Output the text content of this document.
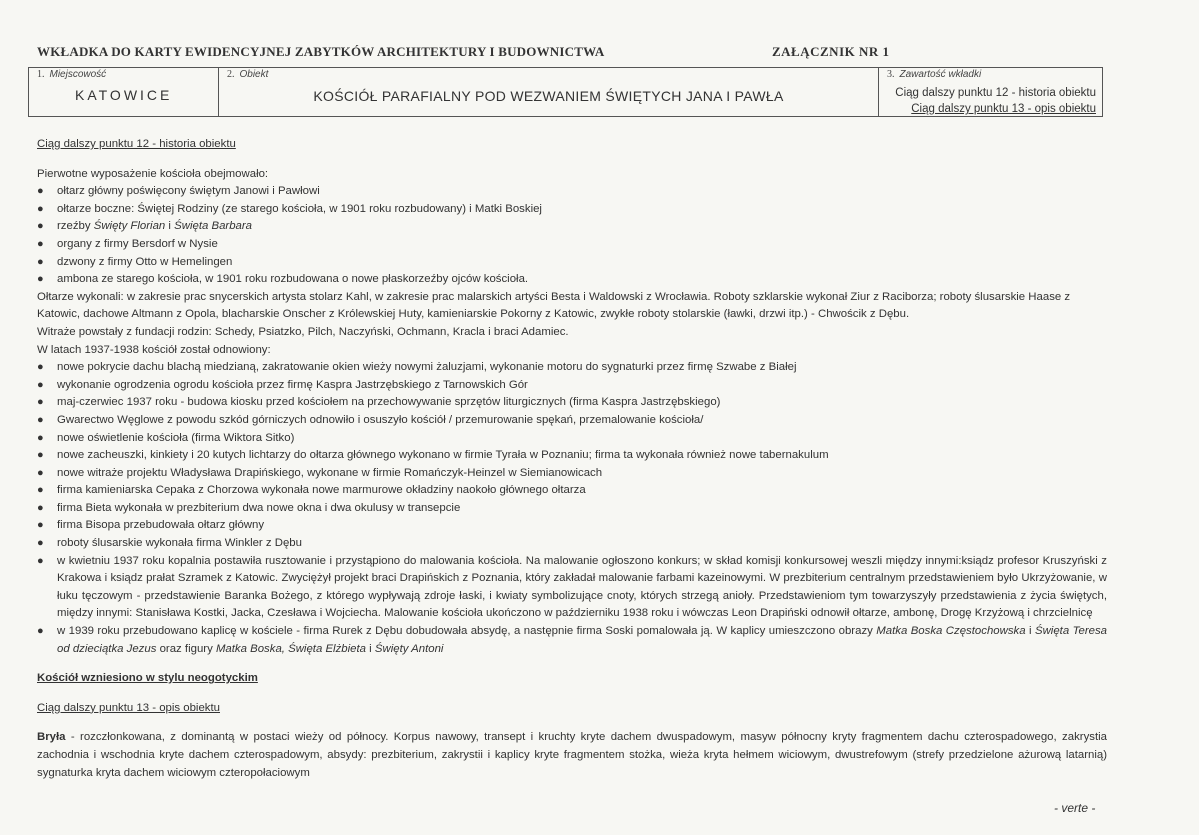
WKŁADKA DO KARTY EWIDENCYJNEJ ZABYTKÓW ARCHITEKTURY I BUDOWNICTWA	ZAŁĄCZNIK NR 1
1. Miejscowość
KATOWICE
2. Obiekt
KOŚCIÓŁ PARAFIALNY POD WEZWANIEM ŚWIĘTYCH JANA I PAWŁA
3. Zawartość wkładki
Ciąg dalszy punktu 12 - historia obiektu
Ciąg dalszy punktu 13 - opis obiektu

Ciąg dalszy punktu 12 - historia obiektu

Pierwotne wyposażenie kościoła obejmowało:

● ołtarz główny poświęcony świętym Janowi i Pawłowi
● ołtarze boczne: Świętej Rodziny (ze starego kościoła, w 1901 roku rozbudowany) i Matki Boskiej
● rzeźby Święty Florian i Święta Barbara
● organy z firmy Bersdorf w Nysie
● dzwony z firmy Otto w Hemelingen
● ambona ze starego kościoła, w 1901 roku rozbudowana o nowe płaskorzeźby ojców kościoła.

Ołtarze wykonali: w zakresie prac snycerskich artysta stolarz Kahl, w zakresie prac malarskich artyści Besta i Waldowski z Wrocławia. Roboty szklarskie wykonał Ziur z Raciborza; roboty ślusarskie Haase z Katowic, dachowe Altmann z Opola, blacharskie Onscher z Królewskiej Huty, kamieniarskie Pokorny z Katowic, zwykłe roboty stolarskie (ławki, drzwi itp.) - Chwościk z Dębu.

Witraże powstały z fundacji rodzin: Schedy, Psiatzko, Pilch, Naczyński, Ochmann, Kracla i braci Adamiec.

W latach 1937-1938 kościół został odnowiony:

● nowe pokrycie dachu blachą miedzianą, zakratowanie okien wieży nowymi żaluzjami, wykonanie motoru do sygnaturki przez firmę Szwabe z Białej
● wykonanie ogrodzenia ogrodu kościoła przez firmę Kaspra Jastrzębskiego z Tarnowskich Gór
● maj-czerwiec 1937 roku - budowa kiosku przed kościołem na przechowywanie sprzętów liturgicznych (firma Kaspra Jastrzębskiego)
● Gwarectwo Węglowe z powodu szkód górniczych odnowiło i osuszyło kościół / przemurowanie spękań, przemalowanie kościoła/
● nowe oświetlenie kościoła (firma Wiktora Sitko)
● nowe zacheuszki, kinkiety i 20 kutych lichtarzy do ołtarza głównego wykonano w firmie Tyrała w Poznaniu; firma ta wykonała również nowe tabernakulum
● nowe witraże projektu Władysława Drapińskiego, wykonane w firmie Romańczyk-Heinzel w Siemianowicach
● firma kamieniarska Cepaka z Chorzowa wykonała nowe marmurowe okładziny naokoło głównego ołtarza
● firma Bieta wykonała w prezbiterium dwa nowe okna i dwa okulusy w transepcie
● firma Bisopa przebudowała ołtarz główny
● roboty ślusarskie wykonała firma Winkler z Dębu
● w kwietniu 1937 roku kopalnia postawiła rusztowanie i przystąpiono do malowania kościoła. Na malowanie ogłoszono konkurs; w skład komisji konkursowej weszli między innymi:ksiądz profesor Kruszyński z Krakowa i ksiądz prałat Szramek z Katowic. Zwyciężył projekt braci Drapińskich z Poznania, który zakładał malowanie farbami kazeinowymi. W prezbiterium centralnym przedstawieniem było Ukrzyżowanie, w łuku tęczowym - przedstawienie Baranka Bożego, z którego wypływają zdroje łaski, i kwiaty symbolizujące cnoty, których strzegą anioły. Przedstawieniom tym towarzyszyły przedstawienia z życia świętych, między innymi: Stanisława Kostki, Jacka, Czesława i Wojciecha. Malowanie kościoła ukończono w październiku 1938 roku i wówczas Leon Drapiński odnowił ołtarze, ambonę, Drogę Krzyżową i chrzcielnicę
● w 1939 roku przebudowano kaplicę w kościele - firma Rurek z Dębu dobudowała absydę, a następnie firma Soski pomalowała ją. W kaplicy umieszczono obrazy Matka Boska Częstochowska i Święta Teresa od dzieciątka Jezus oraz figury Matka Boska, Święta Elżbieta i Święty Antoni

Kościół wzniesiono w stylu neogotyckim

Ciąg dalszy punktu 13 - opis obiektu

Bryła - rozczłonkowana, z dominantą w postaci wieży od północy. Korpus nawowy, transept i kruchty kryte dachem dwuspadowym, masyw północny kryty fragmentem dachu czterospadowego, zakrystia zachodnia i wschodnia kryte dachem czterospadowym, absydy: prezbiterium, zakrystii i kaplicy kryte fragmentem stożka, wieża kryta hełmem wiciowym, dwustrefowym (strefy przedzielone ażurową latarnią) sygnaturka kryta dachem wiciowym czteropołaciowym

- verte -
